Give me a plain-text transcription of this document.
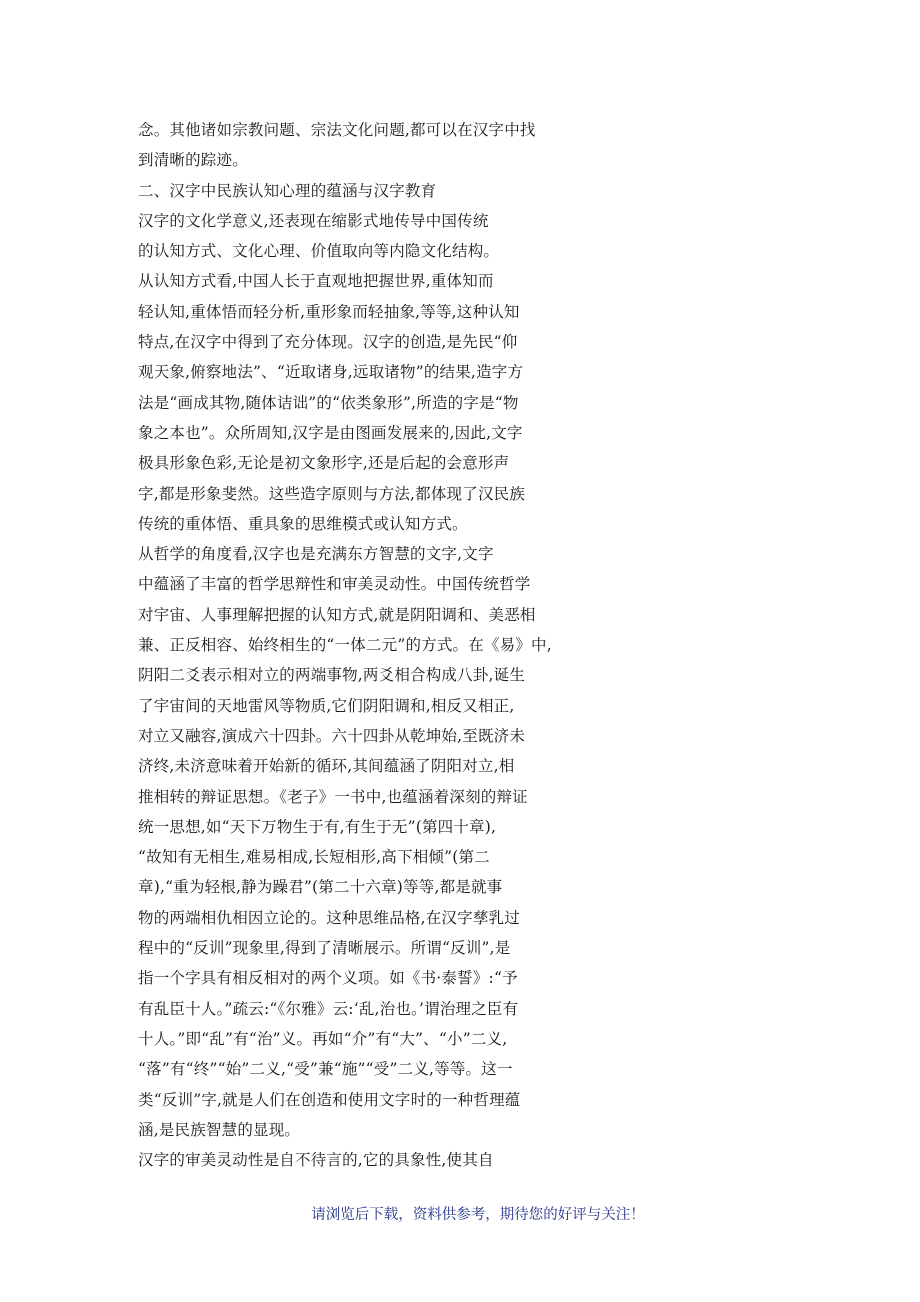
念。其他诸如宗教问题、宗法文化问题,都可以在汉字中找
到清晰的踪迹。
二、汉字中民族认知心理的蕴涵与汉字教育
汉字的文化学意义,还表现在缩影式地传导中国传统
的认知方式、文化心理、价值取向等内隐文化结构。
从认知方式看,中国人长于直观地把握世界,重体知而
轻认知,重体悟而轻分析,重形象而轻抽象,等等,这种认知
特点,在汉字中得到了充分体现。汉字的创造,是先民“仰
观天象,俯察地法”、“近取诸身,远取诸物”的结果,造字方
法是“画成其物,随体诘诎”的“依类象形”,所造的字是“物
象之本也”。众所周知,汉字是由图画发展来的,因此,文字
极具形象色彩,无论是初文象形字,还是后起的会意形声
字,都是形象斐然。这些造字原则与方法,都体现了汉民族
传统的重体悟、重具象的思维模式或认知方式。
从哲学的角度看,汉字也是充满东方智慧的文字,文字
中蕴涵了丰富的哲学思辩性和审美灵动性。中国传统哲学
对宇宙、人事理解把握的认知方式,就是阴阳调和、美恶相
兼、正反相容、始终相生的“一体二元”的方式。在《易》中,
阴阳二爻表示相对立的两端事物,两爻相合构成八卦,诞生
了宇宙间的天地雷风等物质,它们阴阳调和,相反又相正,
对立又融容,演成六十四卦。六十四卦从乾坤始,至既济未
济终,未济意味着开始新的循环,其间蕴涵了阴阳对立,相
推相转的辩证思想。《老子》一书中,也蕴涵着深刻的辩证
统一思想,如“天下万物生于有,有生于无”(第四十章),
“故知有无相生,难易相成,长短相形,高下相倾”(第二
章),“重为轻根,静为躁君”(第二十六章)等等,都是就事
物的两端相仇相因立论的。这种思维品格,在汉字孳乳过
程中的“反训”现象里,得到了清晰展示。所谓“反训”,是
指一个字具有相反相对的两个义项。如《书·泰誓》:“予
有乱臣十人。”疏云:“《尔雅》云:‘乱,治也。’谓治理之臣有
十人。”即“乱”有“治”义。再如“介”有“大”、“小”二义,
“落”有“终”“始”二义,“受”兼“施”“受”二义,等等。这一
类“反训”字,就是人们在创造和使用文字时的一种哲理蕴
涵,是民族智慧的显现。
汉字的审美灵动性是自不待言的,它的具象性,使其自
请浏览后下载，资料供参考，期待您的好评与关注！
